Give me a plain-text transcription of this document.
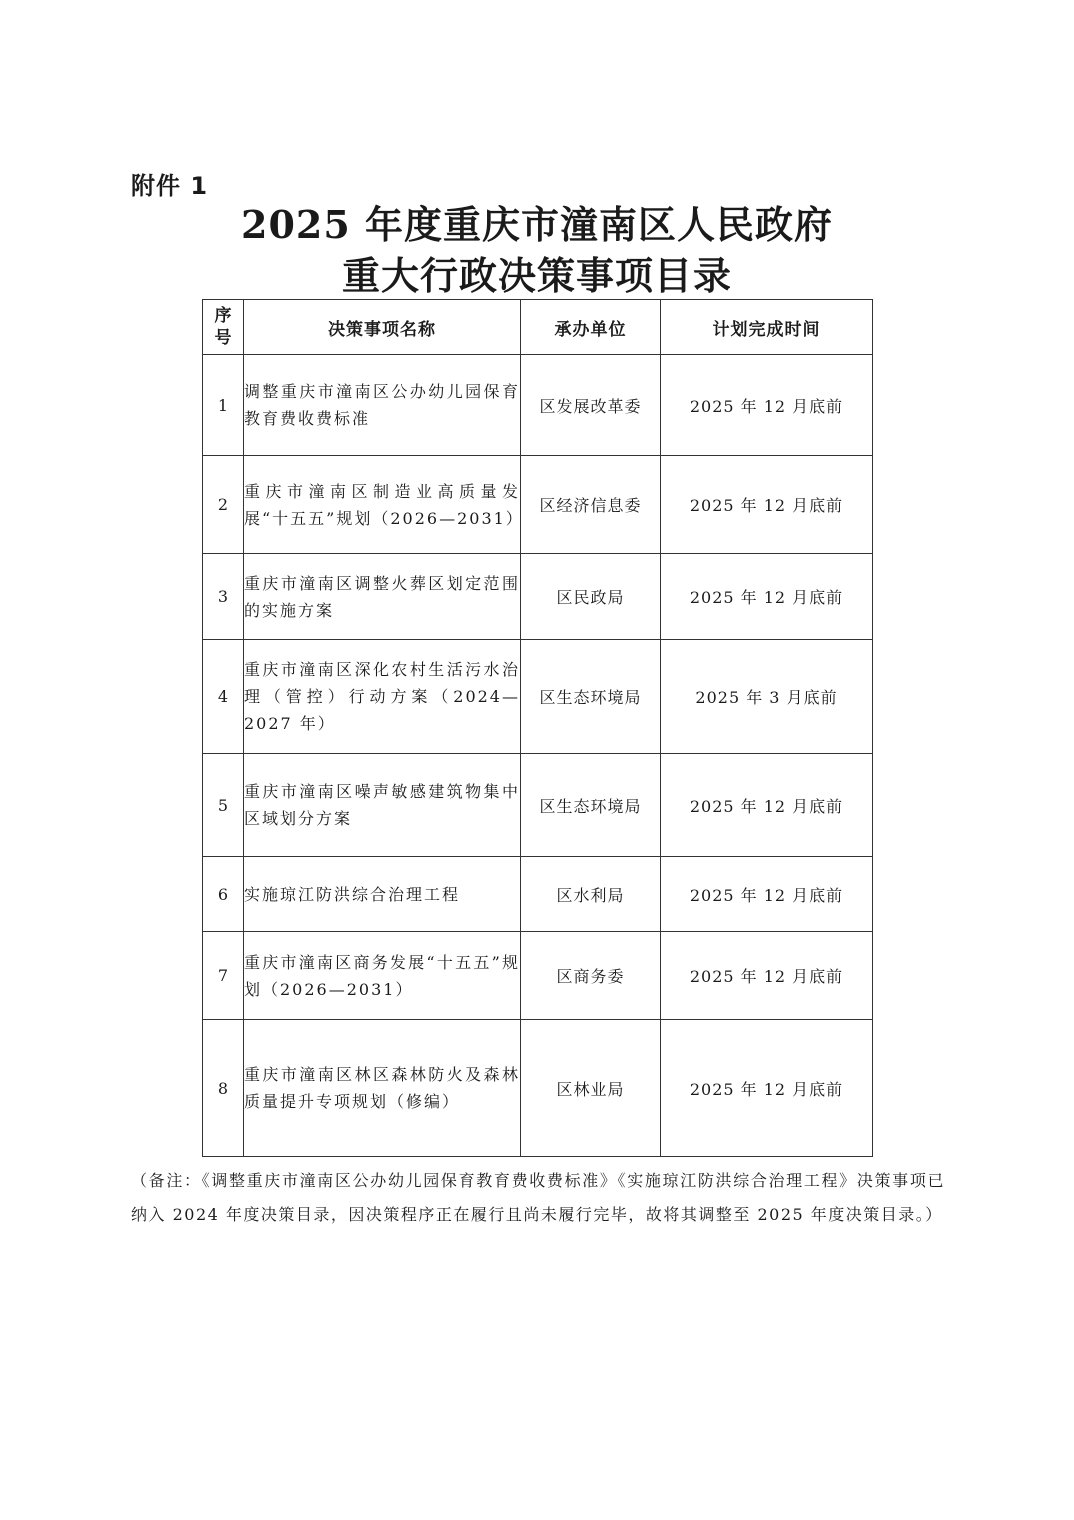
附件 1
2025 年度重庆市潼南区人民政府
重大行政决策事项目录
序号	决策事项名称	承办单位	计划完成时间
1	调整重庆市潼南区公办幼儿园保育教育费收费标准	区发展改革委	2025 年 12 月底前
2	重庆市潼南区制造业高质量发展“十五五”规划（2026—2031）	区经济信息委	2025 年 12 月底前
3	重庆市潼南区调整火葬区划定范围的实施方案	区民政局	2025 年 12 月底前
4	重庆市潼南区深化农村生活污水治理（管控）行动方案（2024—2027 年）	区生态环境局	2025 年 3 月底前
5	重庆市潼南区噪声敏感建筑物集中区域划分方案	区生态环境局	2025 年 12 月底前
6	实施琼江防洪综合治理工程	区水利局	2025 年 12 月底前
7	重庆市潼南区商务发展“十五五”规划（2026—2031）	区商务委	2025 年 12 月底前
8	重庆市潼南区林区森林防火及森林质量提升专项规划（修编）	区林业局	2025 年 12 月底前
（备注：《调整重庆市潼南区公办幼儿园保育教育费收费标准》《实施琼江防洪综合治理工程》决策事项已纳入 2024 年度决策目录，因决策程序正在履行且尚未履行完毕，故将其调整至 2025 年度决策目录。）
